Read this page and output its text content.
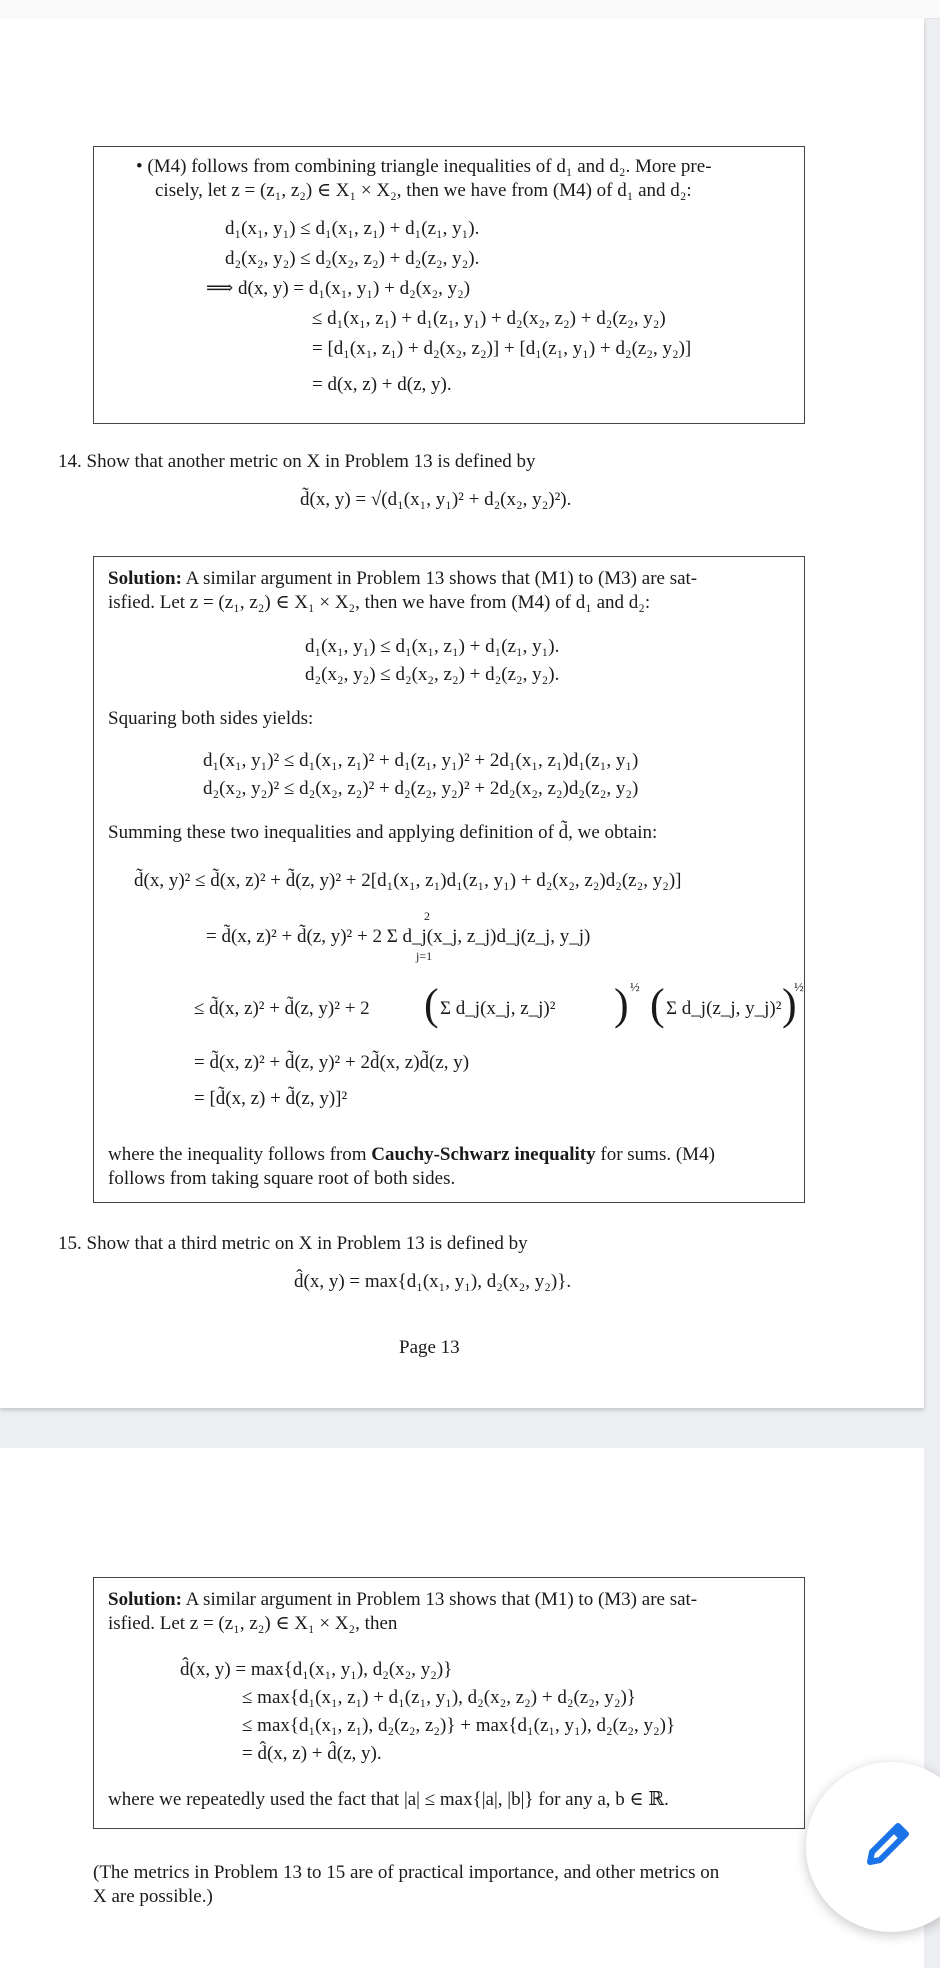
• (M4) follows from combining triangle inequalities of d₁ and d₂. More pre-
cisely, let z = (z₁, z₂) ∈ X₁ × X₂, then we have from (M4) of d₁ and d₂:
d₁(x₁, y₁) ≤ d₁(x₁, z₁) + d₁(z₁, y₁).
d₂(x₂, y₂) ≤ d₂(x₂, z₂) + d₂(z₂, y₂).
⟹ d(x, y) = d₁(x₁, y₁) + d₂(x₂, y₂)
≤ d₁(x₁, z₁) + d₁(z₁, y₁) + d₂(x₂, z₂) + d₂(z₂, y₂)
= [d₁(x₁, z₁) + d₂(x₂, z₂)] + [d₁(z₁, y₁) + d₂(z₂, y₂)]
= d(x, z) + d(z, y).
14. Show that another metric on X in Problem 13 is defined by
d̃(x, y) = √(d₁(x₁, y₁)² + d₂(x₂, y₂)²).
Solution: A similar argument in Problem 13 shows that (M1) to (M3) are sat-
isfied. Let z = (z₁, z₂) ∈ X₁ × X₂, then we have from (M4) of d₁ and d₂:
d₁(x₁, y₁) ≤ d₁(x₁, z₁) + d₁(z₁, y₁).
d₂(x₂, y₂) ≤ d₂(x₂, z₂) + d₂(z₂, y₂).
Squaring both sides yields:
d₁(x₁, y₁)² ≤ d₁(x₁, z₁)² + d₁(z₁, y₁)² + 2d₁(x₁, z₁)d₁(z₁, y₁)
d₂(x₂, y₂)² ≤ d₂(x₂, z₂)² + d₂(z₂, y₂)² + 2d₂(x₂, z₂)d₂(z₂, y₂)
Summing these two inequalities and applying definition of d̃, we obtain:
d̃(x, y)² ≤ d̃(x, z)² + d̃(z, y)² + 2[d₁(x₁, z₁)d₁(z₁, y₁) + d₂(x₂, z₂)d₂(z₂, y₂)]
= d̃(x, z)² + d̃(z, y)² + 2 Σ d_j(x_j, z_j)d_j(z_j, y_j)
2
j=1
≤ d̃(x, z)² + d̃(z, y)² + 2 ( Σ d_j(x_j, z_j)² ) ½ ( Σ d_j(z_j, y_j)² )
½
= d̃(x, z)² + d̃(z, y)² + 2d̃(x, z)d̃(z, y)
= [d̃(x, z) + d̃(z, y)]²
where the inequality follows from Cauchy-Schwarz inequality for sums. (M4)
follows from taking square root of both sides.
15. Show that a third metric on X in Problem 13 is defined by
d̂(x, y) = max{d₁(x₁, y₁), d₂(x₂, y₂)}.
Page 13
Solution: A similar argument in Problem 13 shows that (M1) to (M3) are sat-
isfied. Let z = (z₁, z₂) ∈ X₁ × X₂, then
d̂(x, y) = max{d₁(x₁, y₁), d₂(x₂, y₂)}
≤ max{d₁(x₁, z₁) + d₁(z₁, y₁), d₂(x₂, z₂) + d₂(z₂, y₂)}
≤ max{d₁(x₁, z₁), d₂(z₂, z₂)} + max{d₁(z₁, y₁), d₂(z₂, y₂)}
= d̂(x, z) + d̂(z, y).
where we repeatedly used the fact that |a| ≤ max{|a|, |b|} for any a, b ∈ ℝ.
(The metrics in Problem 13 to 15 are of practical importance, and other metrics on
X are possible.)
